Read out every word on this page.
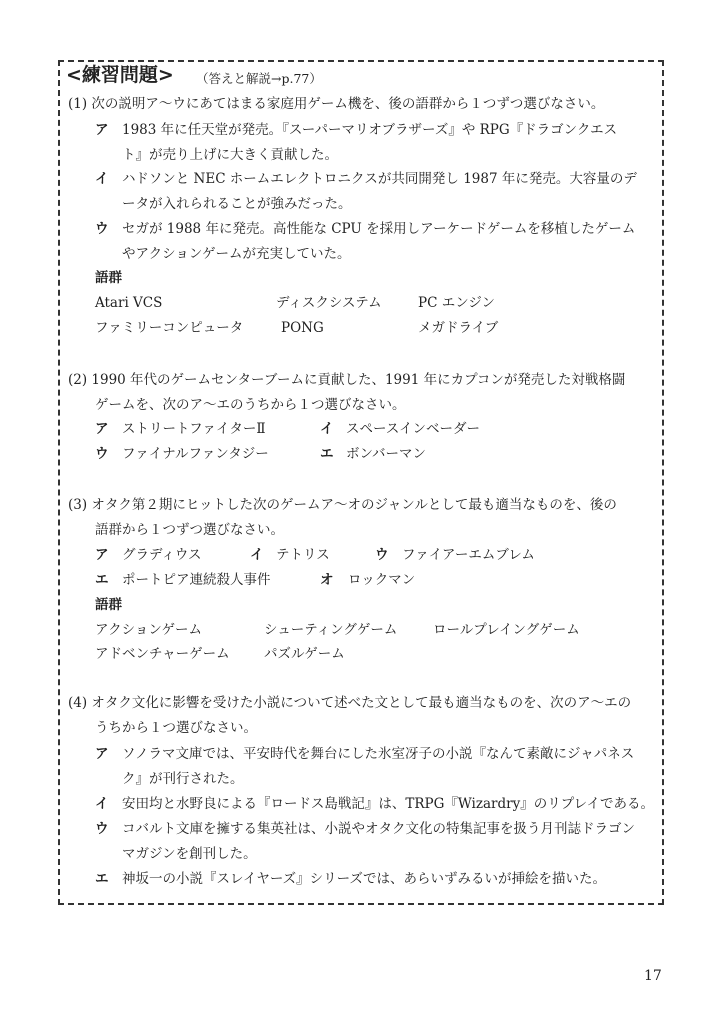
<練習問題> （答えと解説→p.77）
(1) 次の説明ア～ウにあてはまる家庭用ゲーム機を、後の語群から１つずつ選びなさい。
ア 1983 年に任天堂が発売。『スーパーマリオブラザーズ』や RPG『ドラゴンクエス
ト』が売り上げに大きく貢献した。
イ ハドソンと NEC ホームエレクトロニクスが共同開発し 1987 年に発売。大容量のデ
ータが入れられることが強みだった。
ウ セガが 1988 年に発売。高性能な CPU を採用しアーケードゲームを移植したゲーム
やアクションゲームが充実していた。
語群
Atari VCS	ディスクシステム	PC エンジン
ファミリーコンピュータ	PONG	メガドライブ
(2) 1990 年代のゲームセンターブームに貢献した、1991 年にカプコンが発売した対戦格闘
ゲームを、次のア～エのうちから１つ選びなさい。
ア ストリートファイターⅡ	イ スペースインベーダー
ウ ファイナルファンタジー	エ ボンバーマン
(3) オタク第２期にヒットした次のゲームア～オのジャンルとして最も適当なものを、後の
語群から１つずつ選びなさい。
ア グラディウス	イ テトリス	ウ ファイアーエムブレム
エ ポートピア連続殺人事件	オ ロックマン
語群
アクションゲーム	シューティングゲーム	ロールプレイングゲーム
アドベンチャーゲーム	パズルゲーム
(4) オタク文化に影響を受けた小説について述べた文として最も適当なものを、次のア～エの
うちから１つ選びなさい。
ア ソノラマ文庫では、平安時代を舞台にした氷室冴子の小説『なんて素敵にジャパネス
ク』が刊行された。
イ 安田均と水野良による『ロードス島戦記』は、TRPG『Wizardry』のリプレイである。
ウ コバルト文庫を擁する集英社は、小説やオタク文化の特集記事を扱う月刊誌ドラゴン
マガジンを創刊した。
エ 神坂一の小説『スレイヤーズ』シリーズでは、あらいずみるいが挿絵を描いた。
17
